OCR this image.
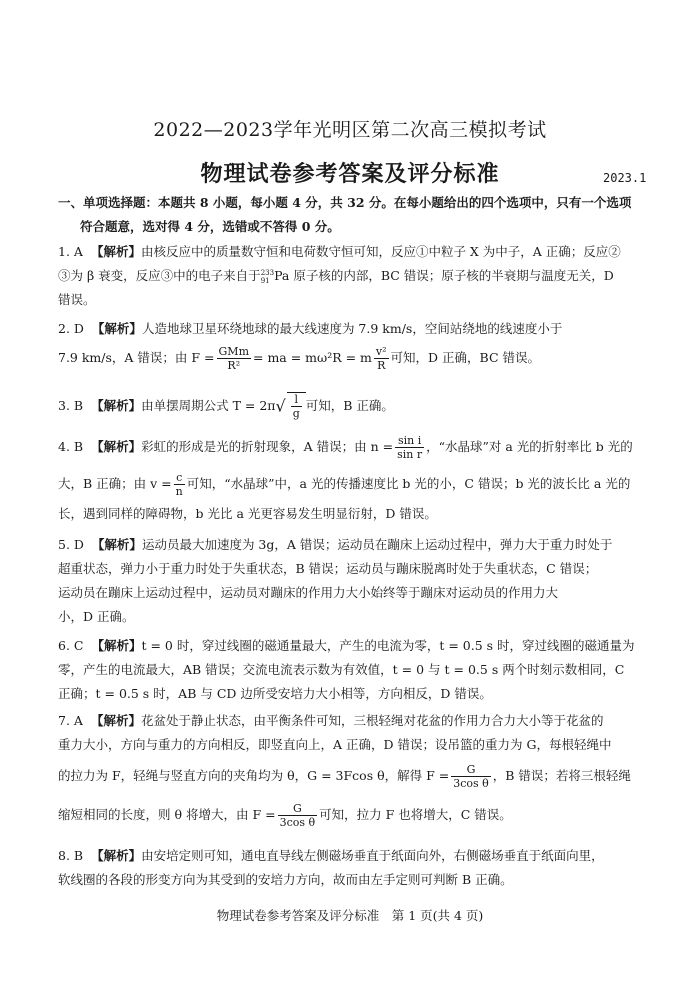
2022—2023学年光明区第二次高三模拟考试
物理试卷参考答案及评分标准	2023.1
一、单项选择题：本题共 8 小题，每小题 4 分，共 32 分。在每小题给出的四个选项中，只有一个选项
符合题意，选对得 4 分，选错或不答得 0 分。
1. A 【解析】由核反应中的质量数守恒和电荷数守恒可知，反应①中粒子 X 为中子，A 正确；反应②
③为 β 衰变，反应③中的电子来自于 233
91 Pa 原子核的内部，BC 错误；原子核的半衰期与温度无关，D
错误。
2. D 【解析】人造地球卫星环绕地球的最大线速度为 7.9 km/s，空间站绕地的线速度小于
7.9 km/s，A 错误；由 $F = \frac{\text{GMm}}{\text{R²}}$ = ma = mω²R = m $\frac{\text{v²}}{R}$ 可知，D 正确，BC 错误。
3. B 【解析】由单摆周期公式 $T = 2\pi√ \frac{l}{g}$ 可知，B 正确。
4. B 【解析】彩虹的形成是光的折射现象，A 错误；由 $n = \frac{\text{sin i}}{\text{sin r}}$ ，“水晶球”对 a 光的折射率比 b 光的
大，B 正确；由 $v = \frac{c}{n}$ 可知，“水晶球”中，a 光的传播速度比 b 光的小，C 错误；b 光的波长比 a 光的
长，遇到同样的障碍物，b 光比 a 光更容易发生明显衍射，D 错误。
5. D 【解析】运动员最大加速度为 3g，A 错误；运动员在蹦床上运动过程中，弹力大于重力时处于
超重状态，弹力小于重力时处于失重状态，B 错误；运动员与蹦床脱离时处于失重状态，C 错误；
运动员在蹦床上运动过程中，运动员对蹦床的作用力大小始终等于蹦床对运动员的作用力大
小，D 正确。
6. C 【解析】t = 0 时，穿过线圈的磁通量最大，产生的电流为零，t = 0.5 s 时，穿过线圈的磁通量为
零，产生的电流最大，AB 错误；交流电流表示数为有效值，t = 0 与 t = 0.5 s 两个时刻示数相同，C
正确；t = 0.5 s 时，AB 与 CD 边所受安培力大小相等，方向相反，D 错误。
7. A 【解析】花盆处于静止状态，由平衡条件可知，三根轻绳对花盆的作用力合力大小等于花盆的
重力大小，方向与重力的方向相反，即竖直向上，A 正确，D 错误；设吊篮的重力为 G，每根轻绳中
的拉力为 F，轻绳与竖直方向的夹角均为 θ，G = 3Fcos θ，解得 $F = \frac{G}{\text{3cos θ}}$ ，B 错误；若将三根轻绳
缩短相同的长度，则 θ 将增大，由 $F = \frac{G}{\text{3cos θ}}$ 可知，拉力 F 也将增大，C 错误。
8. B 【解析】由安培定则可知，通电直导线左侧磁场垂直于纸面向外，右侧磁场垂直于纸面向里，
软线圈的各段的形变方向为其受到的安培力方向，故而由左手定则可判断 B 正确。
物理试卷参考答案及评分标准　第 1 页(共 4 页)
